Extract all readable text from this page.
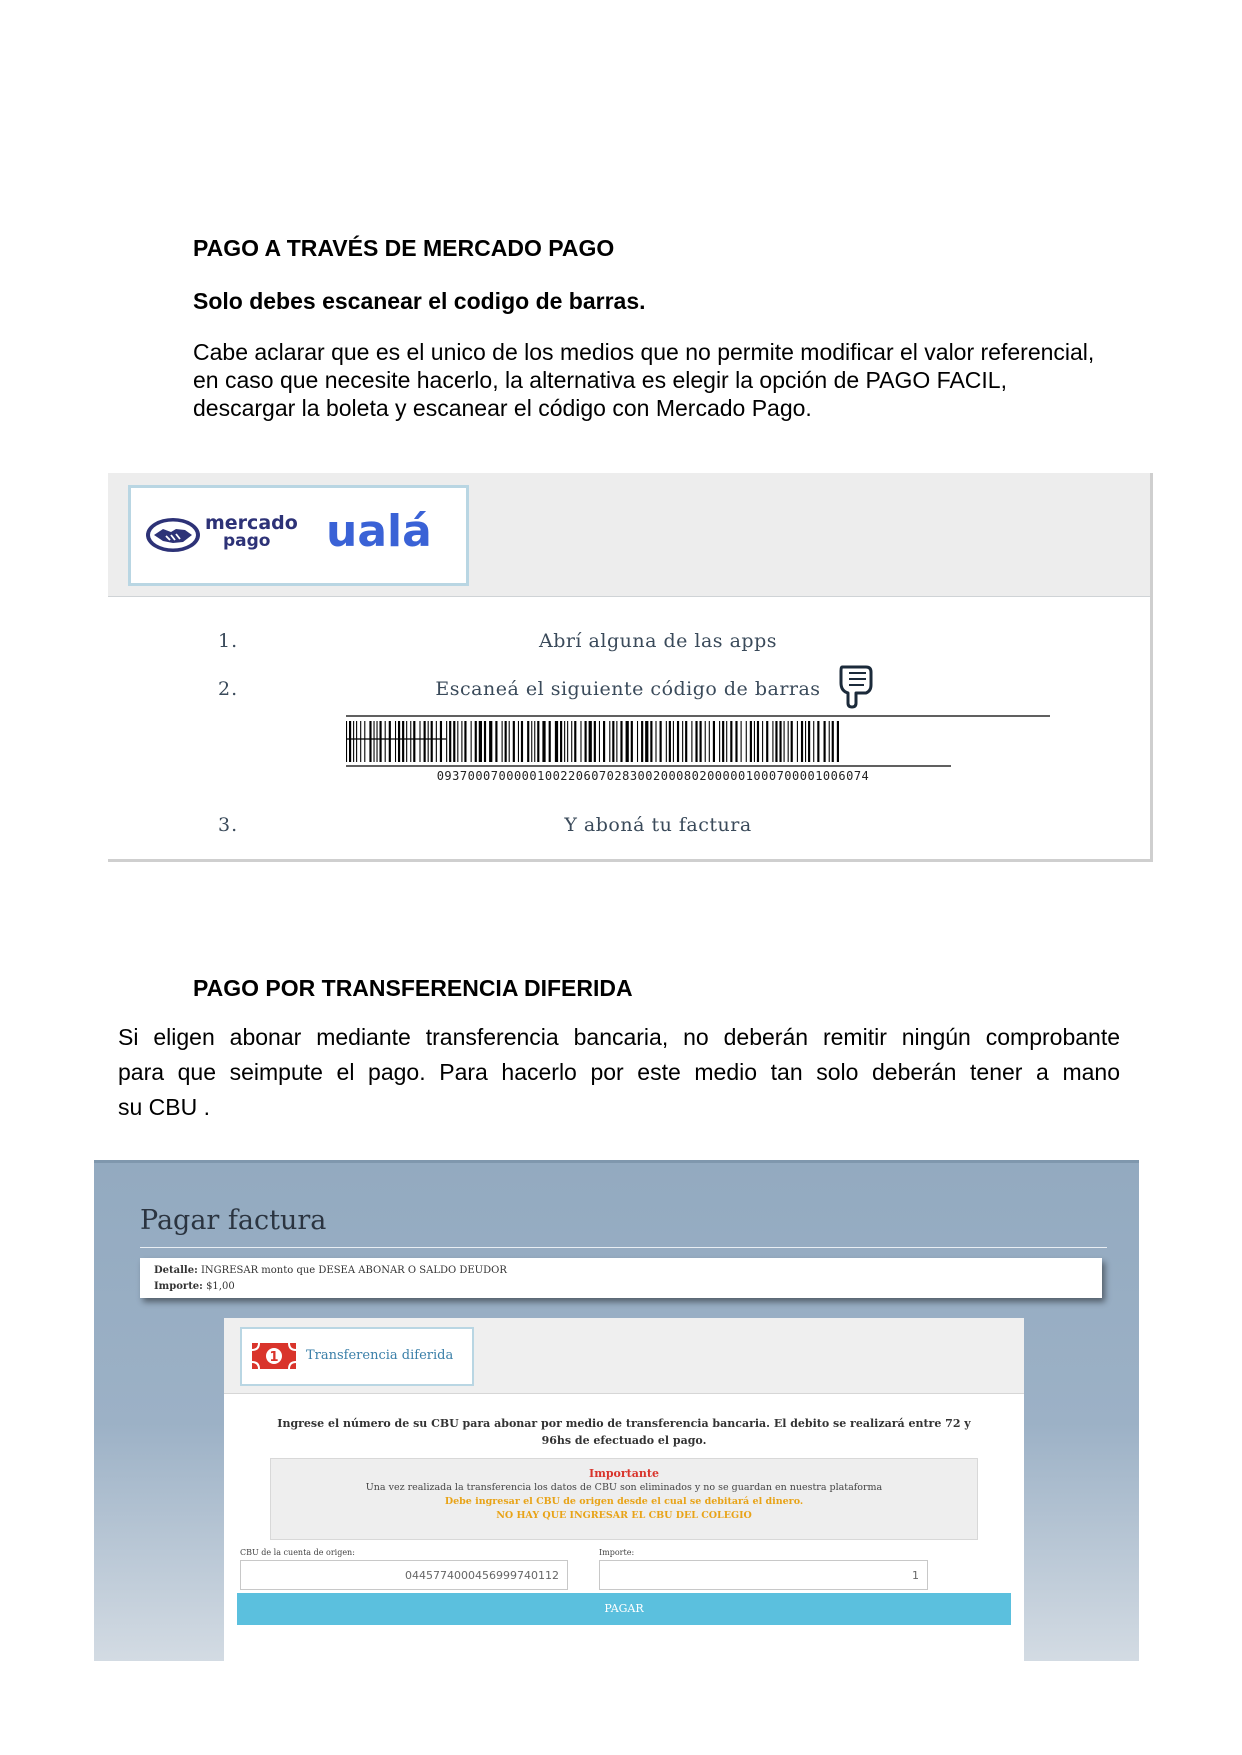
PAGO A TRAVÉS DE MERCADO PAGO
Solo debes escanear el codigo de barras.
Cabe aclarar que es el unico de los medios que no permite modificar el valor referencial,
en caso que necesite hacerlo, la alternativa es elegir la opción de PAGO FACIL,
descargar la boleta y escanear el código con Mercado Pago.
mercado
pago ualá
1.	Abrí alguna de las apps
2.	Escaneá el siguiente código de barras
09370007000001002206070283002000802000001000700001006074
3.	Y aboná tu factura
PAGO POR TRANSFERENCIA DIFERIDA
Si eligen abonar mediante transferencia bancaria, no deberán remitir ningún comprobante
para que seimpute el pago. Para hacerlo por este medio tan solo deberán tener a mano
su CBU .
Pagar factura
Detalle: INGRESAR monto que DESEA ABONAR O SALDO DEUDOR
Importe: $1,00
1 Transferencia diferida
Ingrese el número de su CBU para abonar por medio de transferencia bancaria. El debito se realizará entre 72 y 96hs de efectuado el pago.
Importante
Una vez realizada la transferencia los datos de CBU son eliminados y no se guardan en nuestra plataforma
Debe ingresar el CBU de origen desde el cual se debitará el dinero.
NO HAY QUE INGRESAR EL CBU DEL COLEGIO
CBU de la cuenta de origen:
0445774000456999740112
Importe:
1
PAGAR
